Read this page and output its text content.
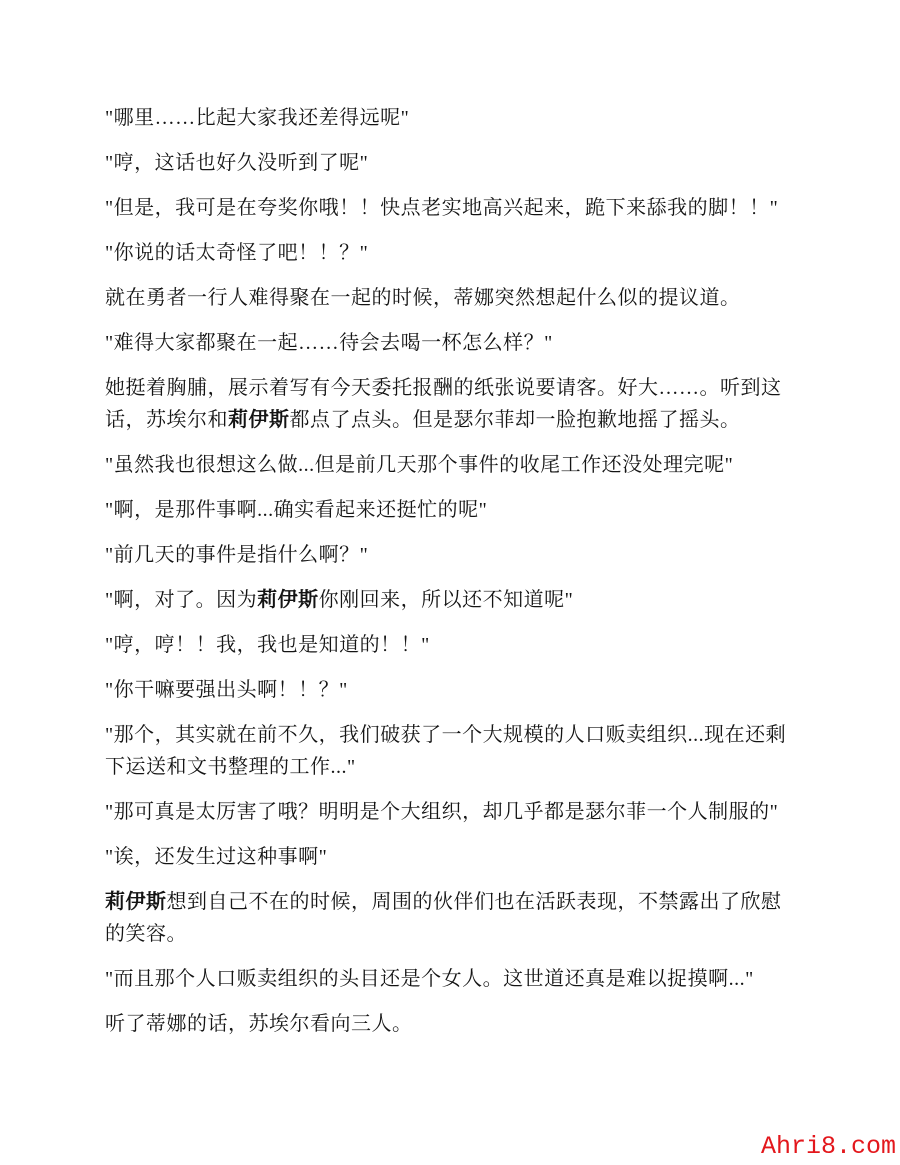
"哪里……比起大家我还差得远呢"

"哼，这话也好久没听到了呢"

"但是，我可是在夸奖你哦！！快点老实地高兴起来，跪下来舔我的脚！！"

"你说的话太奇怪了吧！！？"

就在勇者一行人难得聚在一起的时候，蒂娜突然想起什么似的提议道。

"难得大家都聚在一起……待会去喝一杯怎么样？"

她挺着胸脯，展示着写有今天委托报酬的纸张说要请客。好大……。听到这话，苏埃尔和莉伊斯都点了点头。但是瑟尔菲却一脸抱歉地摇了摇头。

"虽然我也很想这么做...但是前几天那个事件的收尾工作还没处理完呢"

"啊，是那件事啊...确实看起来还挺忙的呢"

"前几天的事件是指什么啊？"

"啊，对了。因为莉伊斯你刚回来，所以还不知道呢"

"哼，哼！！我，我也是知道的！！"

"你干嘛要强出头啊！！？"

"那个，其实就在前不久，我们破获了一个大规模的人口贩卖组织...现在还剩下运送和文书整理的工作..."

"那可真是太厉害了哦？明明是个大组织，却几乎都是瑟尔菲一个人制服的"

"诶，还发生过这种事啊"

莉伊斯想到自己不在的时候，周围的伙伴们也在活跃表现，不禁露出了欣慰的笑容。

"而且那个人口贩卖组织的头目还是个女人。这世道还真是难以捉摸啊..."

听了蒂娜的话，苏埃尔看向三人。

Ahri8.com
